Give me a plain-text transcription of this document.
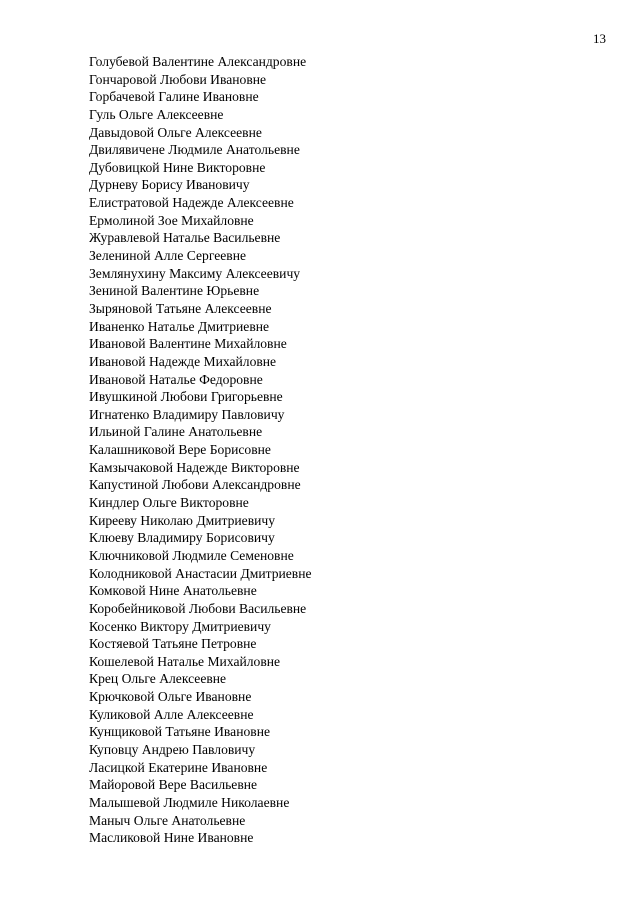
13
Голубевой Валентине Александровне
Гончаровой Любови Ивановне
Горбачевой Галине Ивановне
Гуль Ольге Алексеевне
Давыдовой Ольге Алексеевне
Двилявичене Людмиле Анатольевне
Дубовицкой Нине Викторовне
Дурневу Борису Ивановичу
Елистратовой Надежде Алексеевне
Ермолиной Зое Михайловне
Журавлевой Наталье Васильевне
Зелениной Алле Сергеевне
Землянухину Максиму Алексеевичу
Зениной Валентине Юрьевне
Зыряновой Татьяне Алексеевне
Иваненко Наталье Дмитриевне
Ивановой Валентине Михайловне
Ивановой Надежде Михайловне
Ивановой Наталье Федоровне
Ивушкиной Любови Григорьевне
Игнатенко Владимиру Павловичу
Ильиной Галине Анатольевне
Калашниковой Вере Борисовне
Камзычаковой Надежде Викторовне
Капустиной Любови Александровне
Киндлер Ольге Викторовне
Кирееву Николаю Дмитриевичу
Клюеву Владимиру Борисовичу
Ключниковой Людмиле Семеновне
Колодниковой Анастасии Дмитриевне
Комковой Нине Анатольевне
Коробейниковой Любови Васильевне
Косенко Виктору Дмитриевичу
Костяевой Татьяне Петровне
Кошелевой Наталье Михайловне
Крец Ольге Алексеевне
Крючковой Ольге Ивановне
Куликовой Алле Алексеевне
Кунщиковой Татьяне Ивановне
Куповцу Андрею Павловичу
Ласицкой Екатерине Ивановне
Майоровой Вере Васильевне
Малышевой Людмиле Николаевне
Маныч Ольге Анатольевне
Масликовой Нине Ивановне
